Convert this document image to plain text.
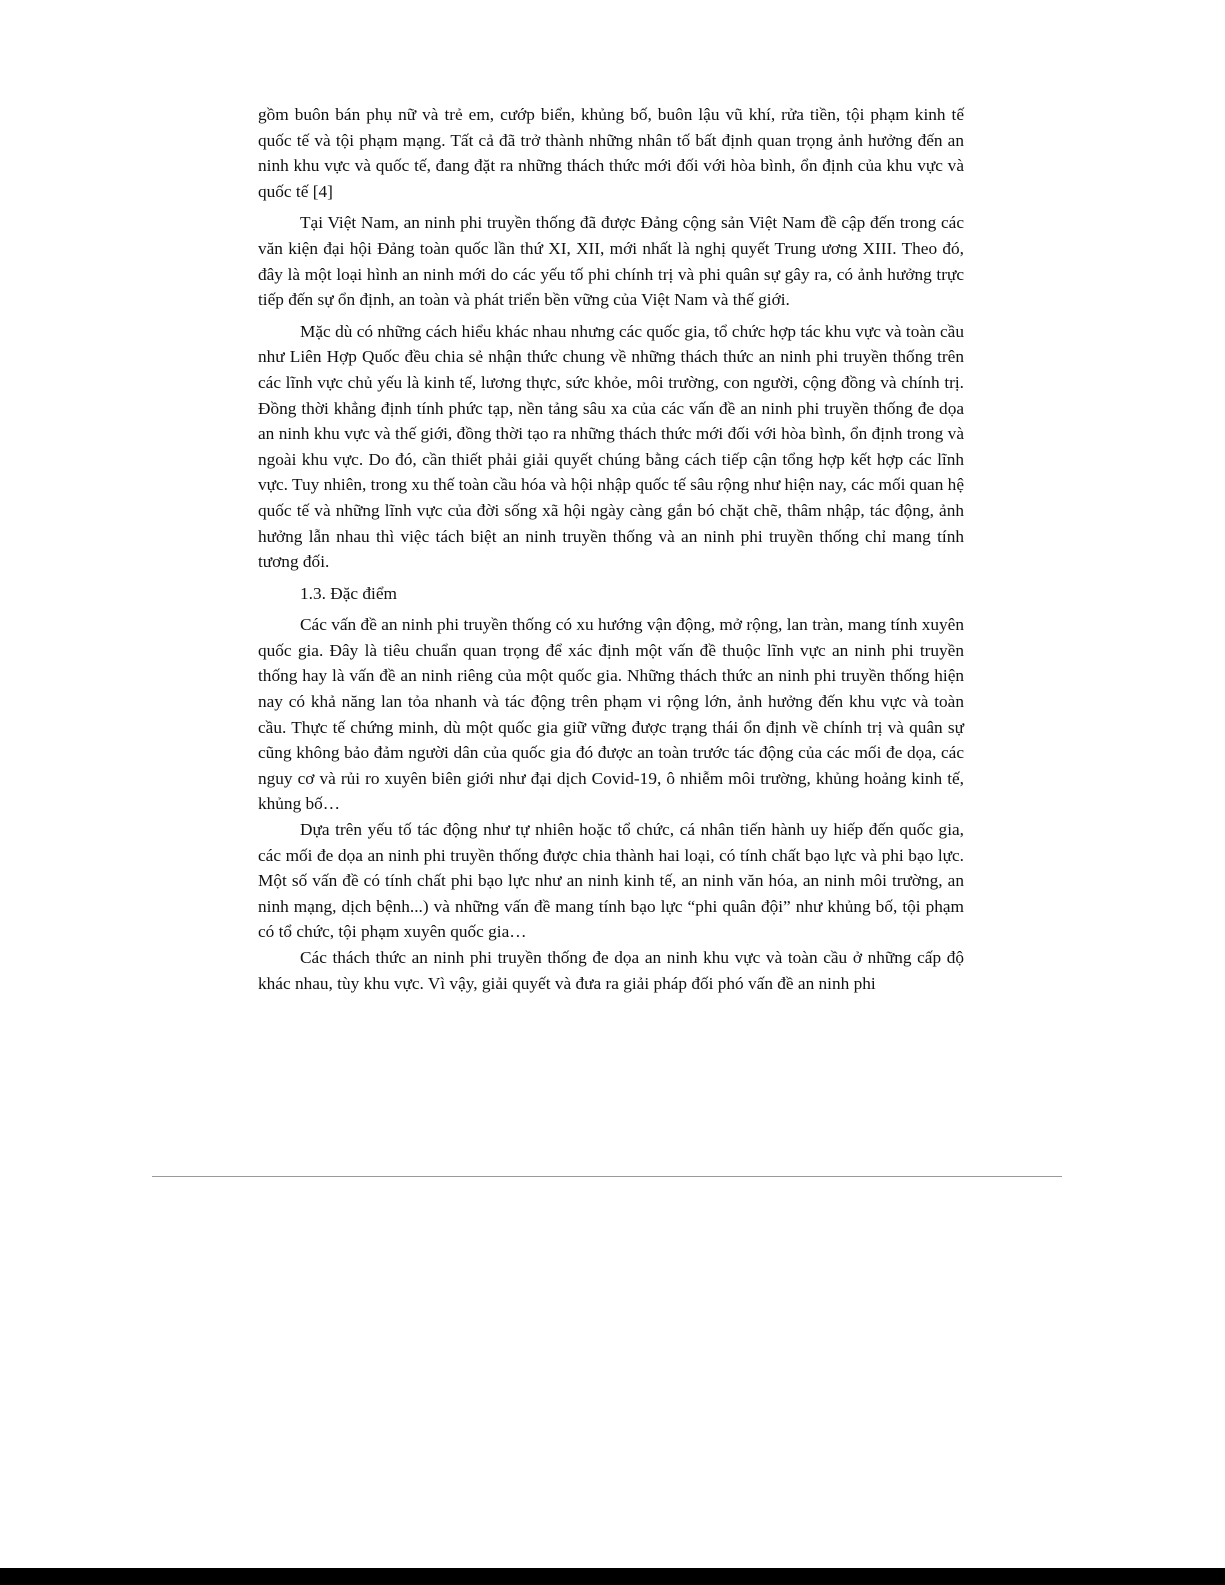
gồm buôn bán phụ nữ và trẻ em, cướp biển, khủng bố, buôn lậu vũ khí, rửa tiền, tội phạm kinh tế quốc tế và tội phạm mạng. Tất cả đã trở thành những nhân tố bất định quan trọng ảnh hưởng đến an ninh khu vực và quốc tế, đang đặt ra những thách thức mới đối với hòa bình, ổn định của khu vực và quốc tế [4]

Tại Việt Nam, an ninh phi truyền thống đã được Đảng cộng sản Việt Nam đề cập đến trong các văn kiện đại hội Đảng toàn quốc lần thứ XI, XII, mới nhất là nghị quyết Trung ương XIII. Theo đó, đây là một loại hình an ninh mới do các yếu tố phi chính trị và phi quân sự gây ra, có ảnh hưởng trực tiếp đến sự ổn định, an toàn và phát triển bền vững của Việt Nam và thế giới.

Mặc dù có những cách hiểu khác nhau nhưng các quốc gia, tổ chức hợp tác khu vực và toàn cầu như Liên Hợp Quốc đều chia sẻ nhận thức chung về những thách thức an ninh phi truyền thống trên các lĩnh vực chủ yếu là kinh tế, lương thực, sức khỏe, môi trường, con người, cộng đồng và chính trị. Đồng thời khẳng định tính phức tạp, nền tảng sâu xa của các vấn đề an ninh phi truyền thống đe dọa an ninh khu vực và thế giới, đồng thời tạo ra những thách thức mới đối với hòa bình, ổn định trong và ngoài khu vực. Do đó, cần thiết phải giải quyết chúng bằng cách tiếp cận tổng hợp kết hợp các lĩnh vực. Tuy nhiên, trong xu thế toàn cầu hóa và hội nhập quốc tế sâu rộng như hiện nay, các mối quan hệ quốc tế và những lĩnh vực của đời sống xã hội ngày càng gắn bó chặt chẽ, thâm nhập, tác động, ảnh hưởng lẫn nhau thì việc tách biệt an ninh truyền thống và an ninh phi truyền thống chỉ mang tính tương đối.

1.3. Đặc điểm

Các vấn đề an ninh phi truyền thống có xu hướng vận động, mở rộng, lan tràn, mang tính xuyên quốc gia. Đây là tiêu chuẩn quan trọng để xác định một vấn đề thuộc lĩnh vực an ninh phi truyền thống hay là vấn đề an ninh riêng của một quốc gia. Những thách thức an ninh phi truyền thống hiện nay có khả năng lan tỏa nhanh và tác động trên phạm vi rộng lớn, ảnh hưởng đến khu vực và toàn cầu. Thực tế chứng minh, dù một quốc gia giữ vững được trạng thái ổn định về chính trị và quân sự cũng không bảo đảm người dân của quốc gia đó được an toàn trước tác động của các mối đe dọa, các nguy cơ và rủi ro xuyên biên giới như đại dịch Covid-19, ô nhiễm môi trường, khủng hoảng kinh tế, khủng bố…

Dựa trên yếu tố tác động như tự nhiên hoặc tổ chức, cá nhân tiến hành uy hiếp đến quốc gia, các mối đe dọa an ninh phi truyền thống được chia thành hai loại, có tính chất bạo lực và phi bạo lực. Một số vấn đề có tính chất phi bạo lực như an ninh kinh tế, an ninh văn hóa, an ninh môi trường, an ninh mạng, dịch bệnh...) và những vấn đề mang tính bạo lực “phi quân đội” như khủng bố, tội phạm có tổ chức, tội phạm xuyên quốc gia…

Các thách thức an ninh phi truyền thống đe dọa an ninh khu vực và toàn cầu ở những cấp độ khác nhau, tùy khu vực. Vì vậy, giải quyết và đưa ra giải pháp đối phó vấn đề an ninh phi
